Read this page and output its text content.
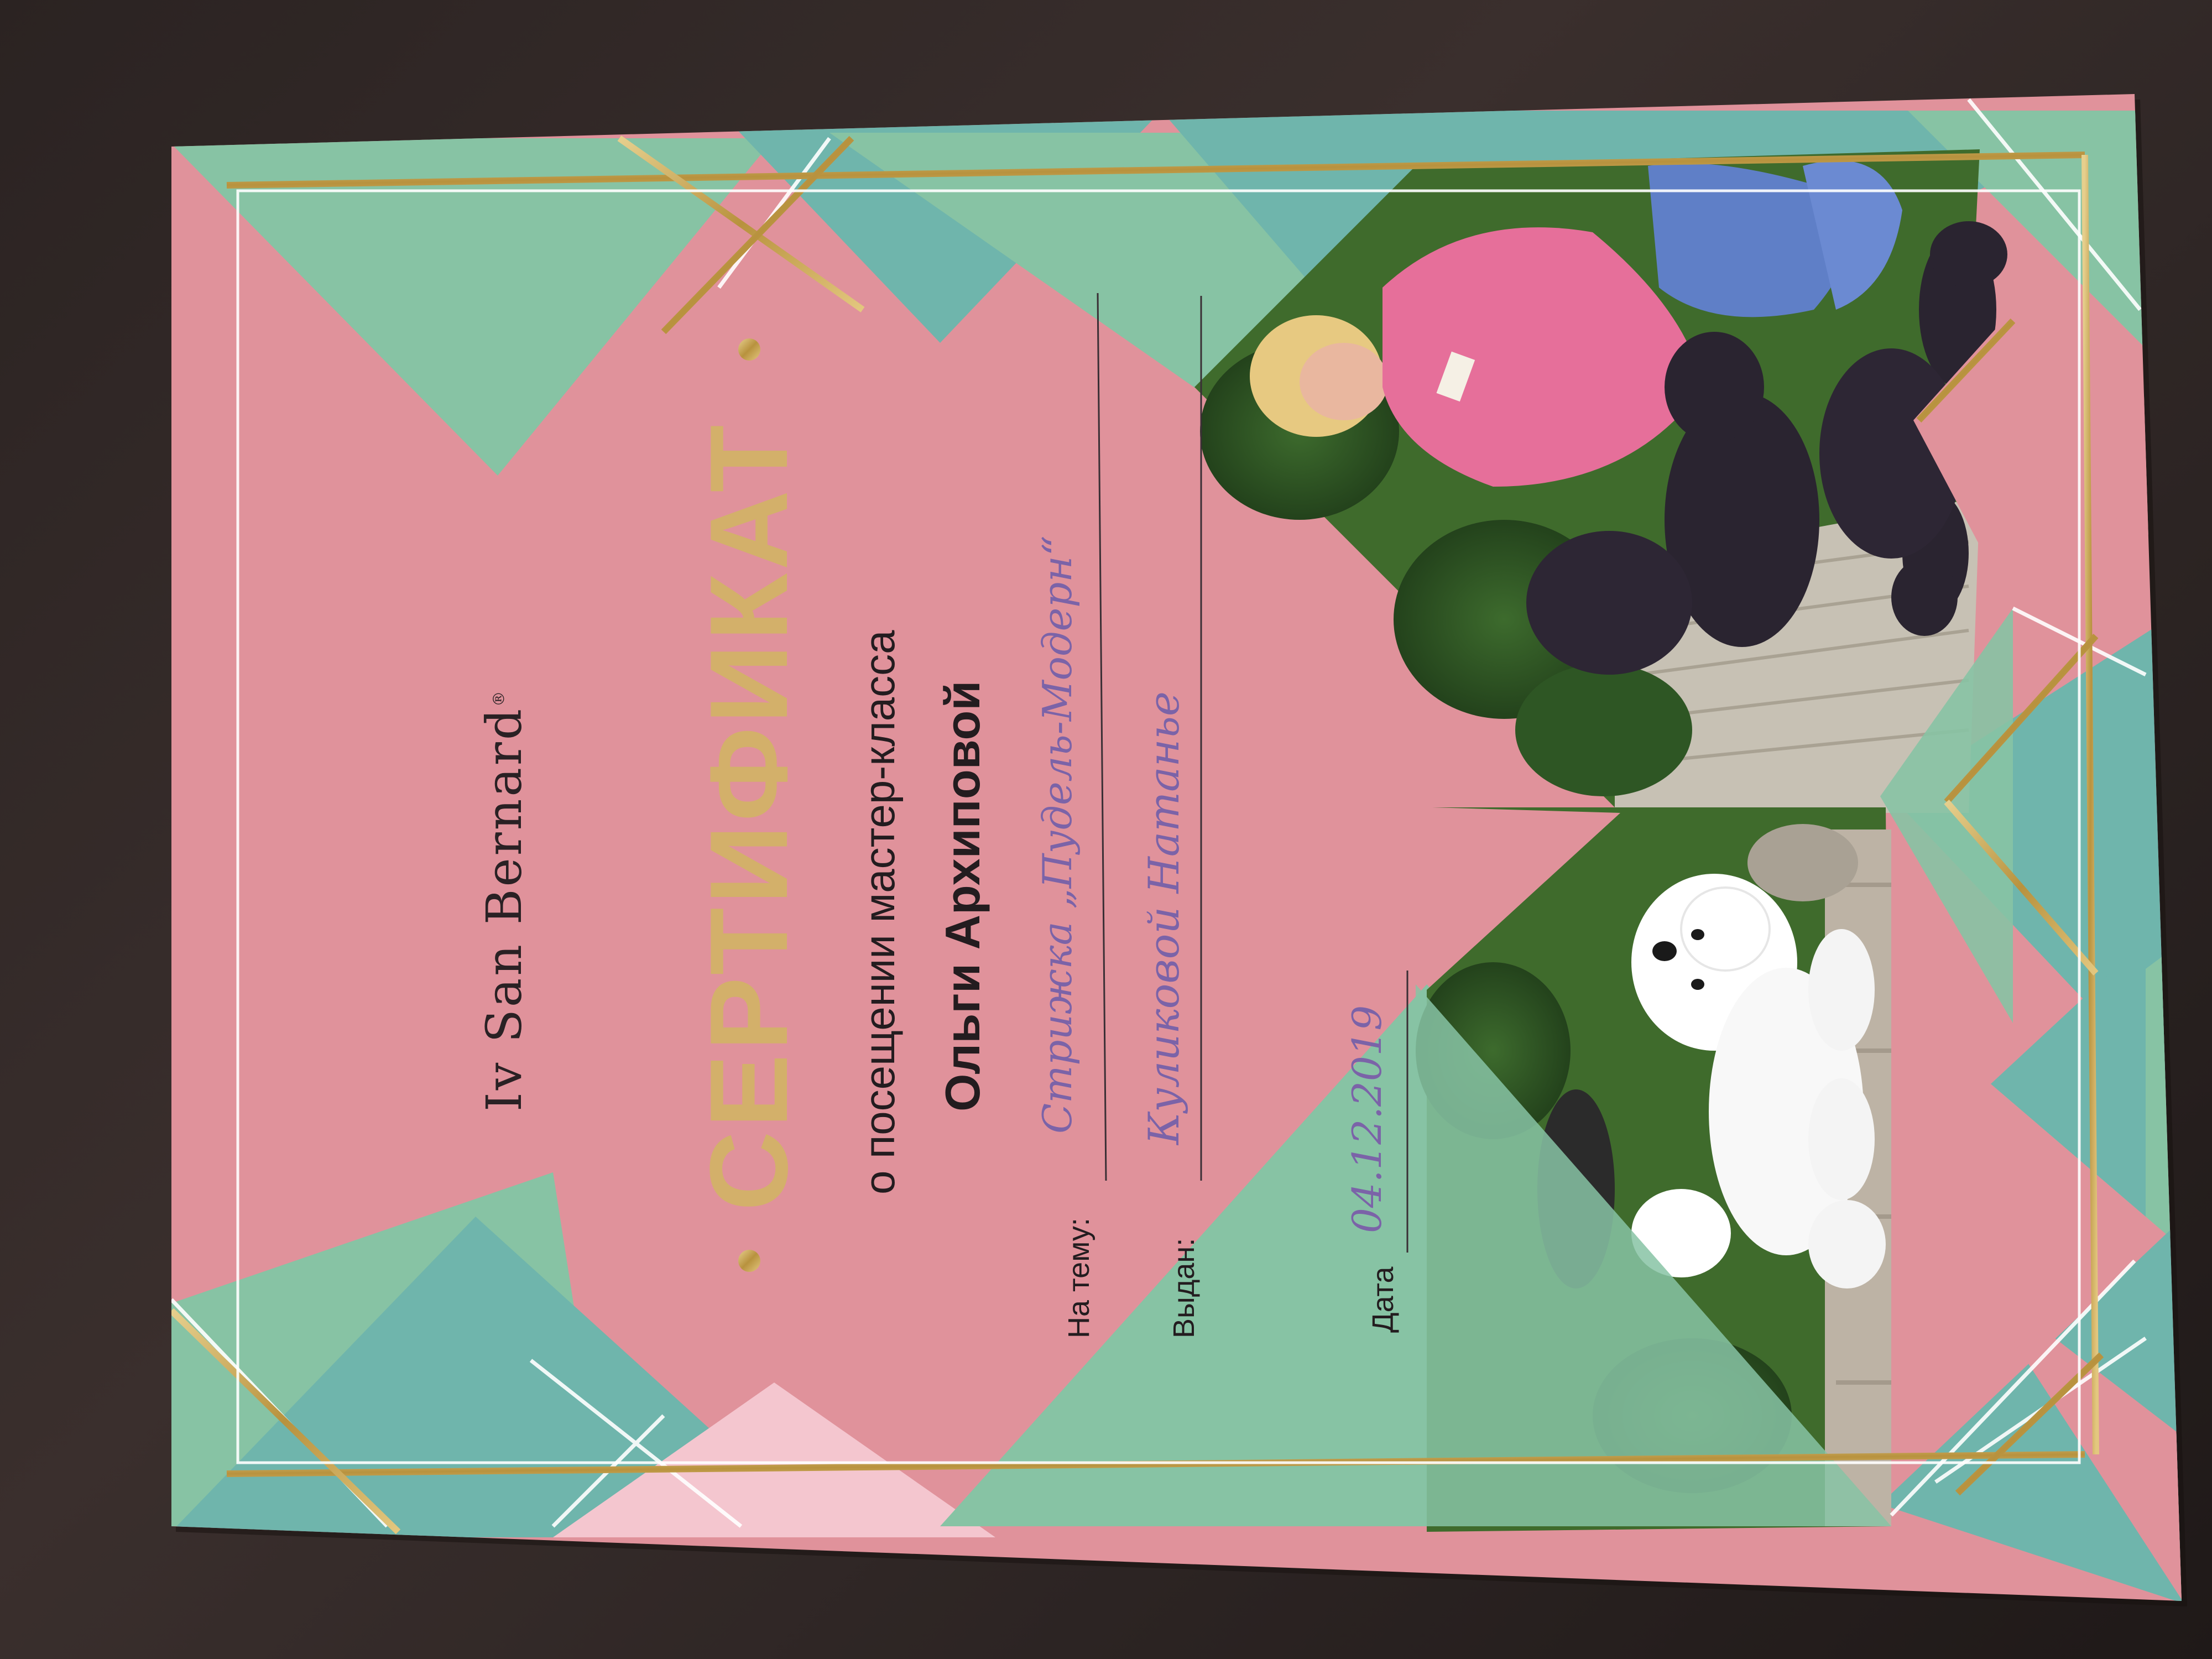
Iv San Bernard® СЕРТИФИКАТ о посещении мастер-класса Ольги Архиповой
На тему:
Стрижка „Пудель-Модерн“
Выдан:
Куликовой Натанье
Дата
04.12.2019
